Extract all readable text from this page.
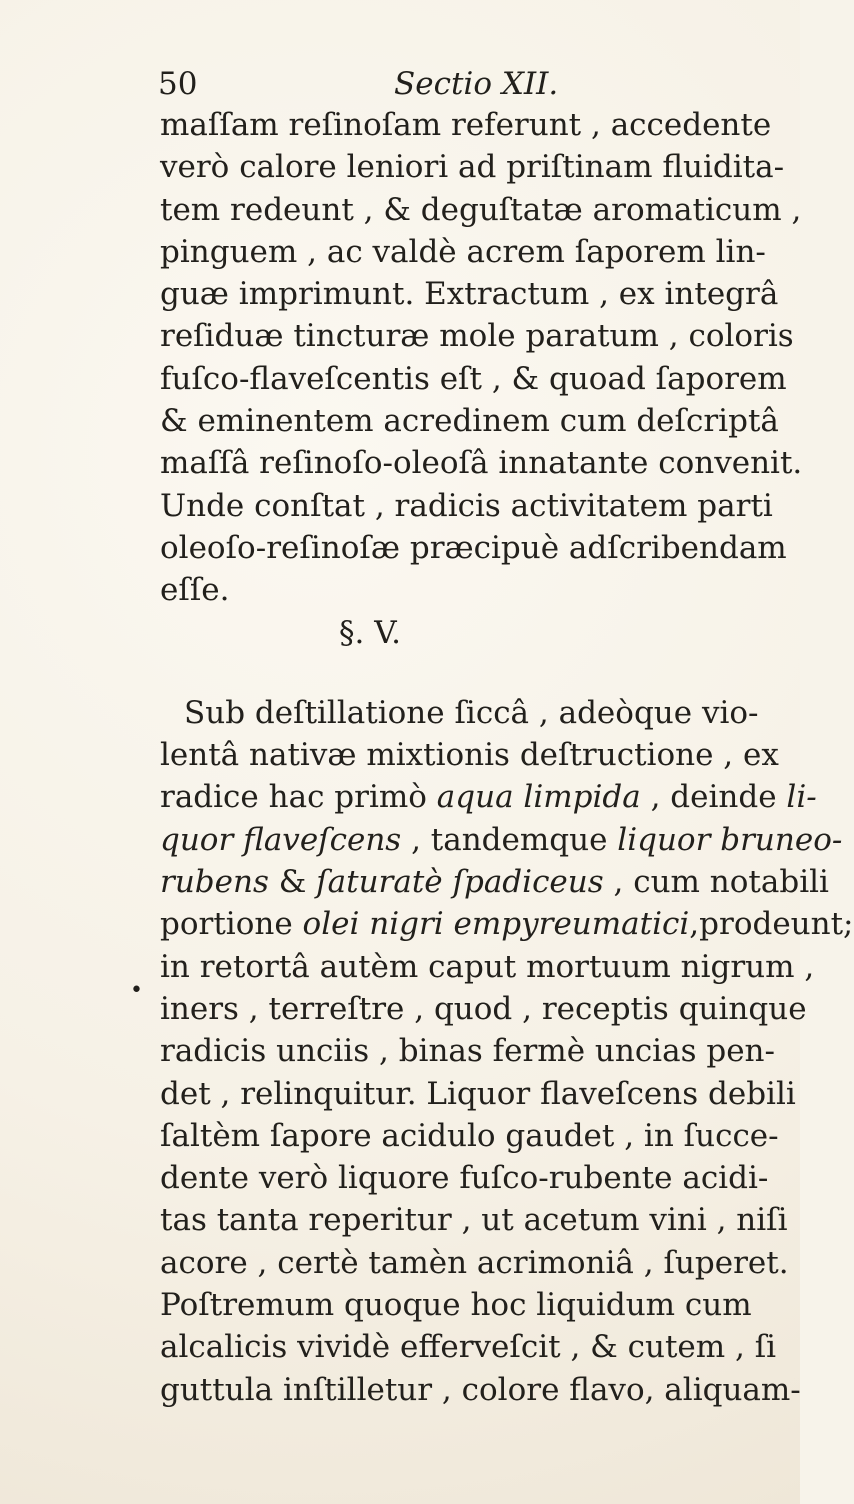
50	Sectio XII.
•
maſſam reſinoſam referunt , accedente
verò calore leniori ad priſtinam fluidita-
tem redeunt , & deguſtatæ aromaticum ,
pinguem , ac valdè acrem ſaporem lin-
guæ imprimunt. Extractum , ex integrâ
reſiduæ tincturæ mole paratum , coloris
fuſco-flaveſcentis eſt , & quoad ſaporem
& eminentem acredinem cum deſcriptâ
maſſâ reſinoſo-oleoſâ innatante convenit.
Unde conſtat , radicis activitatem parti
oleoſo-reſinoſæ præcipuè adſcribendam
eſſe.
§. V.
Sub deſtillatione ſiccâ , adeòque vio-
lentâ nativæ mixtionis deſtructione , ex
radice hac primò aqua limpida , deinde li-
quor flaveſcens , tandemque liquor bruneo-
rubens & ſaturatè ſpadiceus , cum notabili
portione olei nigri empyreumatici,prodeunt;
in retortâ autèm caput mortuum nigrum ,
iners , terreſtre , quod , receptis quinque
radicis unciis , binas fermè uncias pen-
det , relinquitur. Liquor flaveſcens debili
ſaltèm ſapore acidulo gaudet , in ſucce-
dente verò liquore fuſco-rubente acidi-
tas tanta reperitur , ut acetum vini , niſi
acore , certè tamèn acrimoniâ , ſuperet.
Poſtremum quoque hoc liquidum cum
alcalicis vividè efferveſcit , & cutem , ſi
guttula inſtilletur , colore flavo, aliquam-
